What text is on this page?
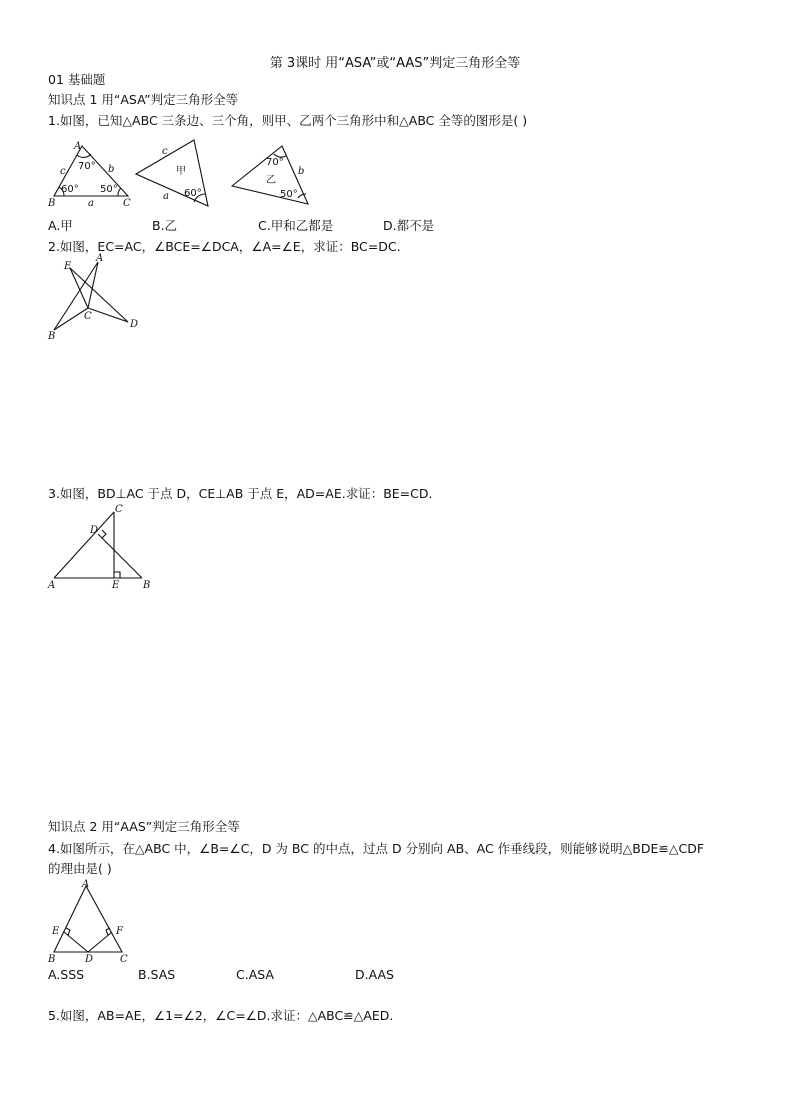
第 3课时 用“ASA”或“AAS”判定三角形全等
01 基础题
知识点 1 用“ASA”判定三角形全等
1.如图，已知△ABC 三条边、三个角，则甲、乙两个三角形中和△ABC 全等的图形是( )
A
B	C
a
b
c 70°
60° 50°
c
a
甲
60°
b
乙
70°
50°
A.甲	B.乙	C.甲和乙都是	D.都不是
2.如图，EC=AC，∠BCE=∠DCA，∠A=∠E，求证：BC=DC.
E
A
C
B
D
3.如图，BD⊥AC 于点 D，CE⊥AB 于点 E，AD=AE.求证：BE=CD.
A	B
C
D
E
知识点 2 用“AAS”判定三角形全等
4.如图所示，在△ABC 中，∠B=∠C，D 为 BC 的中点，过点 D 分别向 AB、AC 作垂线段，则能够说明△BDE≌△CDF
的理由是( )
A
B	C
D
E	F
A.SSS	B.SAS	C.ASA	D.AAS
5.如图，AB=AE，∠1=∠2，∠C=∠D.求证：△ABC≌△AED.
